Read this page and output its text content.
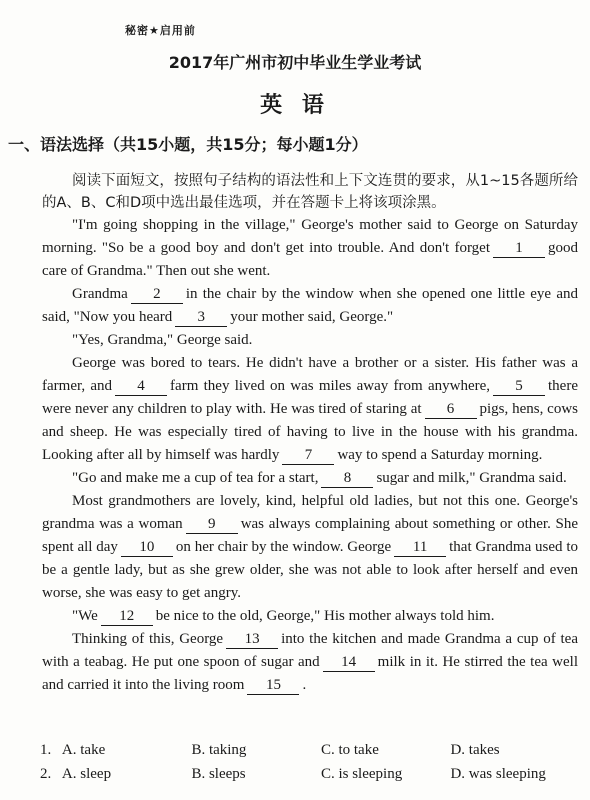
秘密★启用前
2017年广州市初中毕业生学业考试
英 语
一、语法选择（共15小题，共15分；每小题1分）

阅读下面短文，按照句子结构的语法性和上下文连贯的要求，从1~15各题所给的A、B、C和D项中选出最佳选项，并在答题卡上将该项涂黑。

"I'm going shopping in the village," George's mother said to George on Saturday morning. "So be a good boy and don't get into trouble. And don't forget 1 good care of Grandma." Then out she went.

Grandma 2 in the chair by the window when she opened one little eye and said, "Now you heard 3 your mother said, George."

"Yes, Grandma," George said.

George was bored to tears. He didn't have a brother or a sister. His father was a farmer, and 4 farm they lived on was miles away from anywhere, 5 there were never any children to play with. He was tired of staring at 6 pigs, hens, cows and sheep. He was especially tired of having to live in the house with his grandma. Looking after all by himself was hardly 7 way to spend a Saturday morning.

"Go and make me a cup of tea for a start, 8 sugar and milk," Grandma said.

Most grandmothers are lovely, kind, helpful old ladies, but not this one. George's grandma was a woman 9 was always complaining about something or other. She spent all day 10 on her chair by the window. George 11 that Grandma used to be a gentle lady, but as she grew older, she was not able to look after herself and even worse, she was easy to get angry.

"We 12 be nice to the old, George," His mother always told him.

Thinking of this, George 13 into the kitchen and made Grandma a cup of tea with a teabag. He put one spoon of sugar and 14 milk in it. He stirred the tea well and carried it into the living room 15 .

1. A. take	B. taking	C. to take	D. takes
2. A. sleep	B. sleeps	C. is sleeping	D. was sleeping
